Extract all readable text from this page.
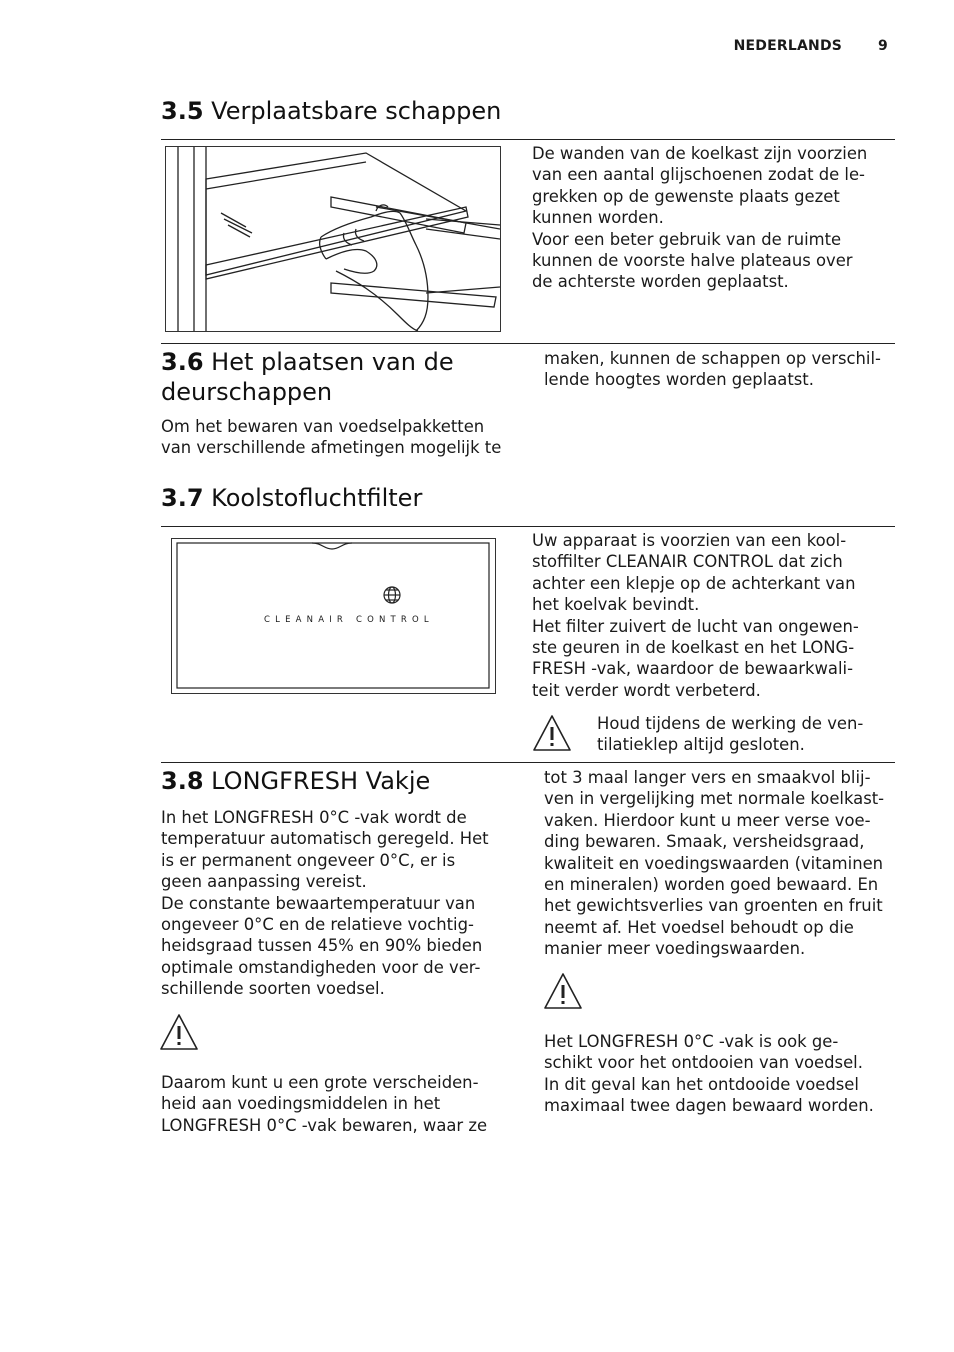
NEDERLANDS	9
3.5 Verplaatsbare schappen

De wanden van de koelkast zijn voorzien
van een aantal glijschoenen zodat de le-
grekken op de gewenste plaats gezet
kunnen worden.
Voor een beter gebruik van de ruimte
kunnen de voorste halve plateaus over
de achterste worden geplaatst.

3.6 Het plaatsen van de
deurschappen

Om het bewaren van voedselpakketten
van verschillende afmetingen mogelijk te

maken, kunnen de schappen op verschil-
lende hoogtes worden geplaatst.

3.7 Koolstofluchtfilter
CLEANAIR CONTROL

Uw apparaat is voorzien van een kool-
stoffilter CLEANAIR CONTROL dat zich
achter een klepje op de achterkant van
het koelvak bevindt.
Het filter zuivert de lucht van ongewen-
ste geuren in de koelkast en het LONG-
FRESH -vak, waardoor de bewaarkwali-
teit verder wordt verbeterd.

Houd tijdens de werking de ven-
tilatieklep altijd gesloten.

3.8 LONGFRESH Vakje

In het LONGFRESH 0°C -vak wordt de
temperatuur automatisch geregeld. Het
is er permanent ongeveer 0°C, er is
geen aanpassing vereist.
De constante bewaartemperatuur van
ongeveer 0°C en de relatieve vochtig-
heidsgraad tussen 45% en 90% bieden
optimale omstandigheden voor de ver-
schillende soorten voedsel.

Daarom kunt u een grote verscheiden-
heid aan voedingsmiddelen in het
LONGFRESH 0°C -vak bewaren, waar ze

tot 3 maal langer vers en smaakvol blij-
ven in vergelijking met normale koelkast-
vaken. Hierdoor kunt u meer verse voe-
ding bewaren. Smaak, versheidsgraad,
kwaliteit en voedingswaarden (vitaminen
en mineralen) worden goed bewaard. En
het gewichtsverlies van groenten en fruit
neemt af. Het voedsel behoudt op die
manier meer voedingswaarden.

Het LONGFRESH 0°C -vak is ook ge-
schikt voor het ontdooien van voedsel.
In dit geval kan het ontdooide voedsel
maximaal twee dagen bewaard worden.
